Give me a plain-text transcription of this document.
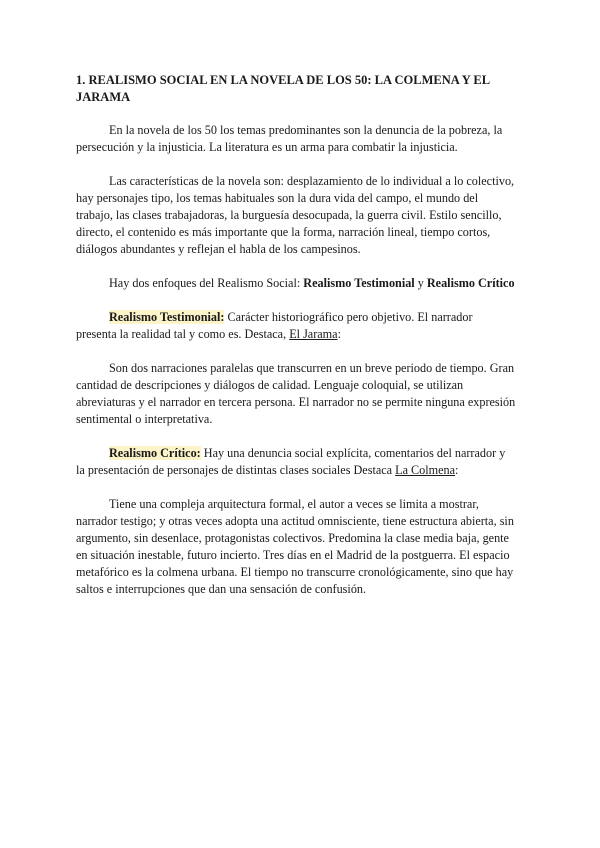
1. REALISMO SOCIAL EN LA NOVELA DE LOS 50: LA COLMENA Y EL JARAMA

En la novela de los 50 los temas predominantes son la denuncia de la pobreza, la persecución y la injusticia. La literatura es un arma para combatir la injusticia.

Las características de la novela son: desplazamiento de lo individual a lo colectivo, hay personajes tipo, los temas habituales son la dura vida del campo, el mundo del trabajo, las clases trabajadoras, la burguesía desocupada, la guerra civil. Estilo sencillo, directo, el contenido es más importante que la forma, narración lineal, tiempo cortos, diálogos abundantes y reflejan el habla de los campesinos.

Hay dos enfoques del Realismo Social: Realismo Testimonial y Realismo Crítico

Realismo Testimonial: Carácter historiográfico pero objetivo. El narrador presenta la realidad tal y como es. Destaca, El Jarama:

Son dos narraciones paralelas que transcurren en un breve periodo de tiempo. Gran cantidad de descripciones y diálogos de calidad. Lenguaje coloquial, se utilizan abreviaturas y el narrador en tercera persona. El narrador no se permite ninguna expresión sentimental o interpretativa.

Realismo Crítico: Hay una denuncia social explícita, comentarios del narrador y la presentación de personajes de distintas clases sociales Destaca La Colmena:

Tiene una compleja arquitectura formal, el autor a veces se limita a mostrar, narrador testigo; y otras veces adopta una actitud omnisciente, tiene estructura abierta, sin argumento, sin desenlace, protagonistas colectivos. Predomina la clase media baja, gente en situación inestable, futuro incierto. Tres días en el Madrid de la postguerra. El espacio metafórico es la colmena urbana. El tiempo no transcurre cronológicamente, sino que hay saltos e interrupciones que dan una sensación de confusión.
